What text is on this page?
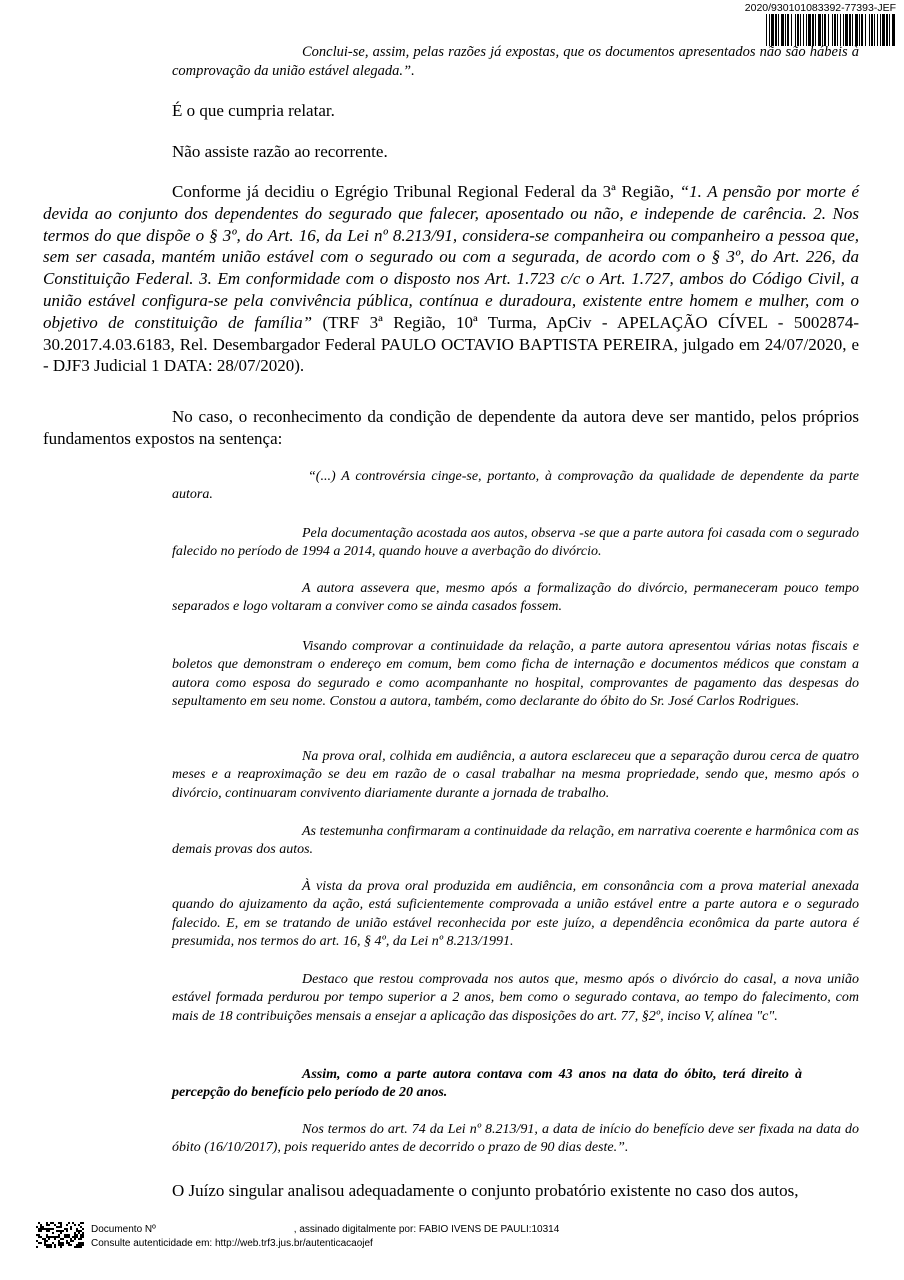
2020/930101083392-77393-JEF
Conclui-se, assim, pelas razões já expostas, que os documentos apresentados não são hábeis à comprovação da união estável alegada.”.
É o que cumpria relatar.
Não assiste razão ao recorrente.
Conforme já decidiu o Egrégio Tribunal Regional Federal da 3ª Região, “1. A pensão por morte é devida ao conjunto dos dependentes do segurado que falecer, aposentado ou não, e independe de carência. 2. Nos termos do que dispõe o § 3º, do Art. 16, da Lei nº 8.213/91, considera-se companheira ou companheiro a pessoa que, sem ser casada, mantém união estável com o segurado ou com a segurada, de acordo com o § 3º, do Art. 226, da Constituição Federal. 3. Em conformidade com o disposto nos Art. 1.723 c/c o Art. 1.727, ambos do Código Civil, a união estável configura-se pela convivência pública, contínua e duradoura, existente entre homem e mulher, com o objetivo de constituição de família” (TRF 3ª Região, 10ª Turma, ApCiv - APELAÇÃO CÍVEL - 5002874-30.2017.4.03.6183, Rel. Desembargador Federal PAULO OCTAVIO BAPTISTA PEREIRA, julgado em 24/07/2020, e - DJF3 Judicial 1 DATA: 28/07/2020).
No caso, o reconhecimento da condição de dependente da autora deve ser mantido, pelos próprios fundamentos expostos na sentença:
“(...) A controvérsia cinge-se, portanto, à comprovação da qualidade de dependente da parte autora.
Pela documentação acostada aos autos, observa -se que a parte autora foi casada com o segurado falecido no período de 1994 a 2014, quando houve a averbação do divórcio.
A autora assevera que, mesmo após a formalização do divórcio, permaneceram pouco tempo separados e logo voltaram a conviver como se ainda casados fossem.
Visando comprovar a continuidade da relação, a parte autora apresentou várias notas fiscais e boletos que demonstram o endereço em comum, bem como ficha de internação e documentos médicos que constam a autora como esposa do segurado e como acompanhante no hospital, comprovantes de pagamento das despesas do sepultamento em seu nome. Constou a autora, também, como declarante do óbito do Sr. José Carlos Rodrigues.
Na prova oral, colhida em audiência, a autora esclareceu que a separação durou cerca de quatro meses e a reaproximação se deu em razão de o casal trabalhar na mesma propriedade, sendo que, mesmo após o divórcio, continuaram convivento diariamente durante a jornada de trabalho.
As testemunha confirmaram a continuidade da relação, em narrativa coerente e harmônica com as demais provas dos autos.
À vista da prova oral produzida em audiência, em consonância com a prova material anexada quando do ajuizamento da ação, está suficientemente comprovada a união estável entre a parte autora e o segurado falecido. E, em se tratando de união estável reconhecida por este juízo, a dependência econômica da parte autora é presumida, nos termos do art. 16, § 4º, da Lei nº 8.213/1991.
Destaco que restou comprovada nos autos que, mesmo após o divórcio do casal, a nova união estável formada perdurou por tempo superior a 2 anos, bem como o segurado contava, ao tempo do falecimento, com mais de 18 contribuições mensais a ensejar a aplicação das disposições do art. 77, §2º, inciso V, alínea "c".
Assim, como a parte autora contava com 43 anos na data do óbito, terá direito à percepção do benefício pelo período de 20 anos.
Nos termos do art. 74 da Lei nº 8.213/91, a data de início do benefício deve ser fixada na data do óbito (16/10/2017), pois requerido antes de decorrido o prazo de 90 dias deste.”.
O Juízo singular analisou adequadamente o conjunto probatório existente no caso dos autos,
Documento Nº	, assinado digitalmente por: FABIO IVENS DE PAULI:10314
Consulte autenticidade em: http://web.trf3.jus.br/autenticacaojef
